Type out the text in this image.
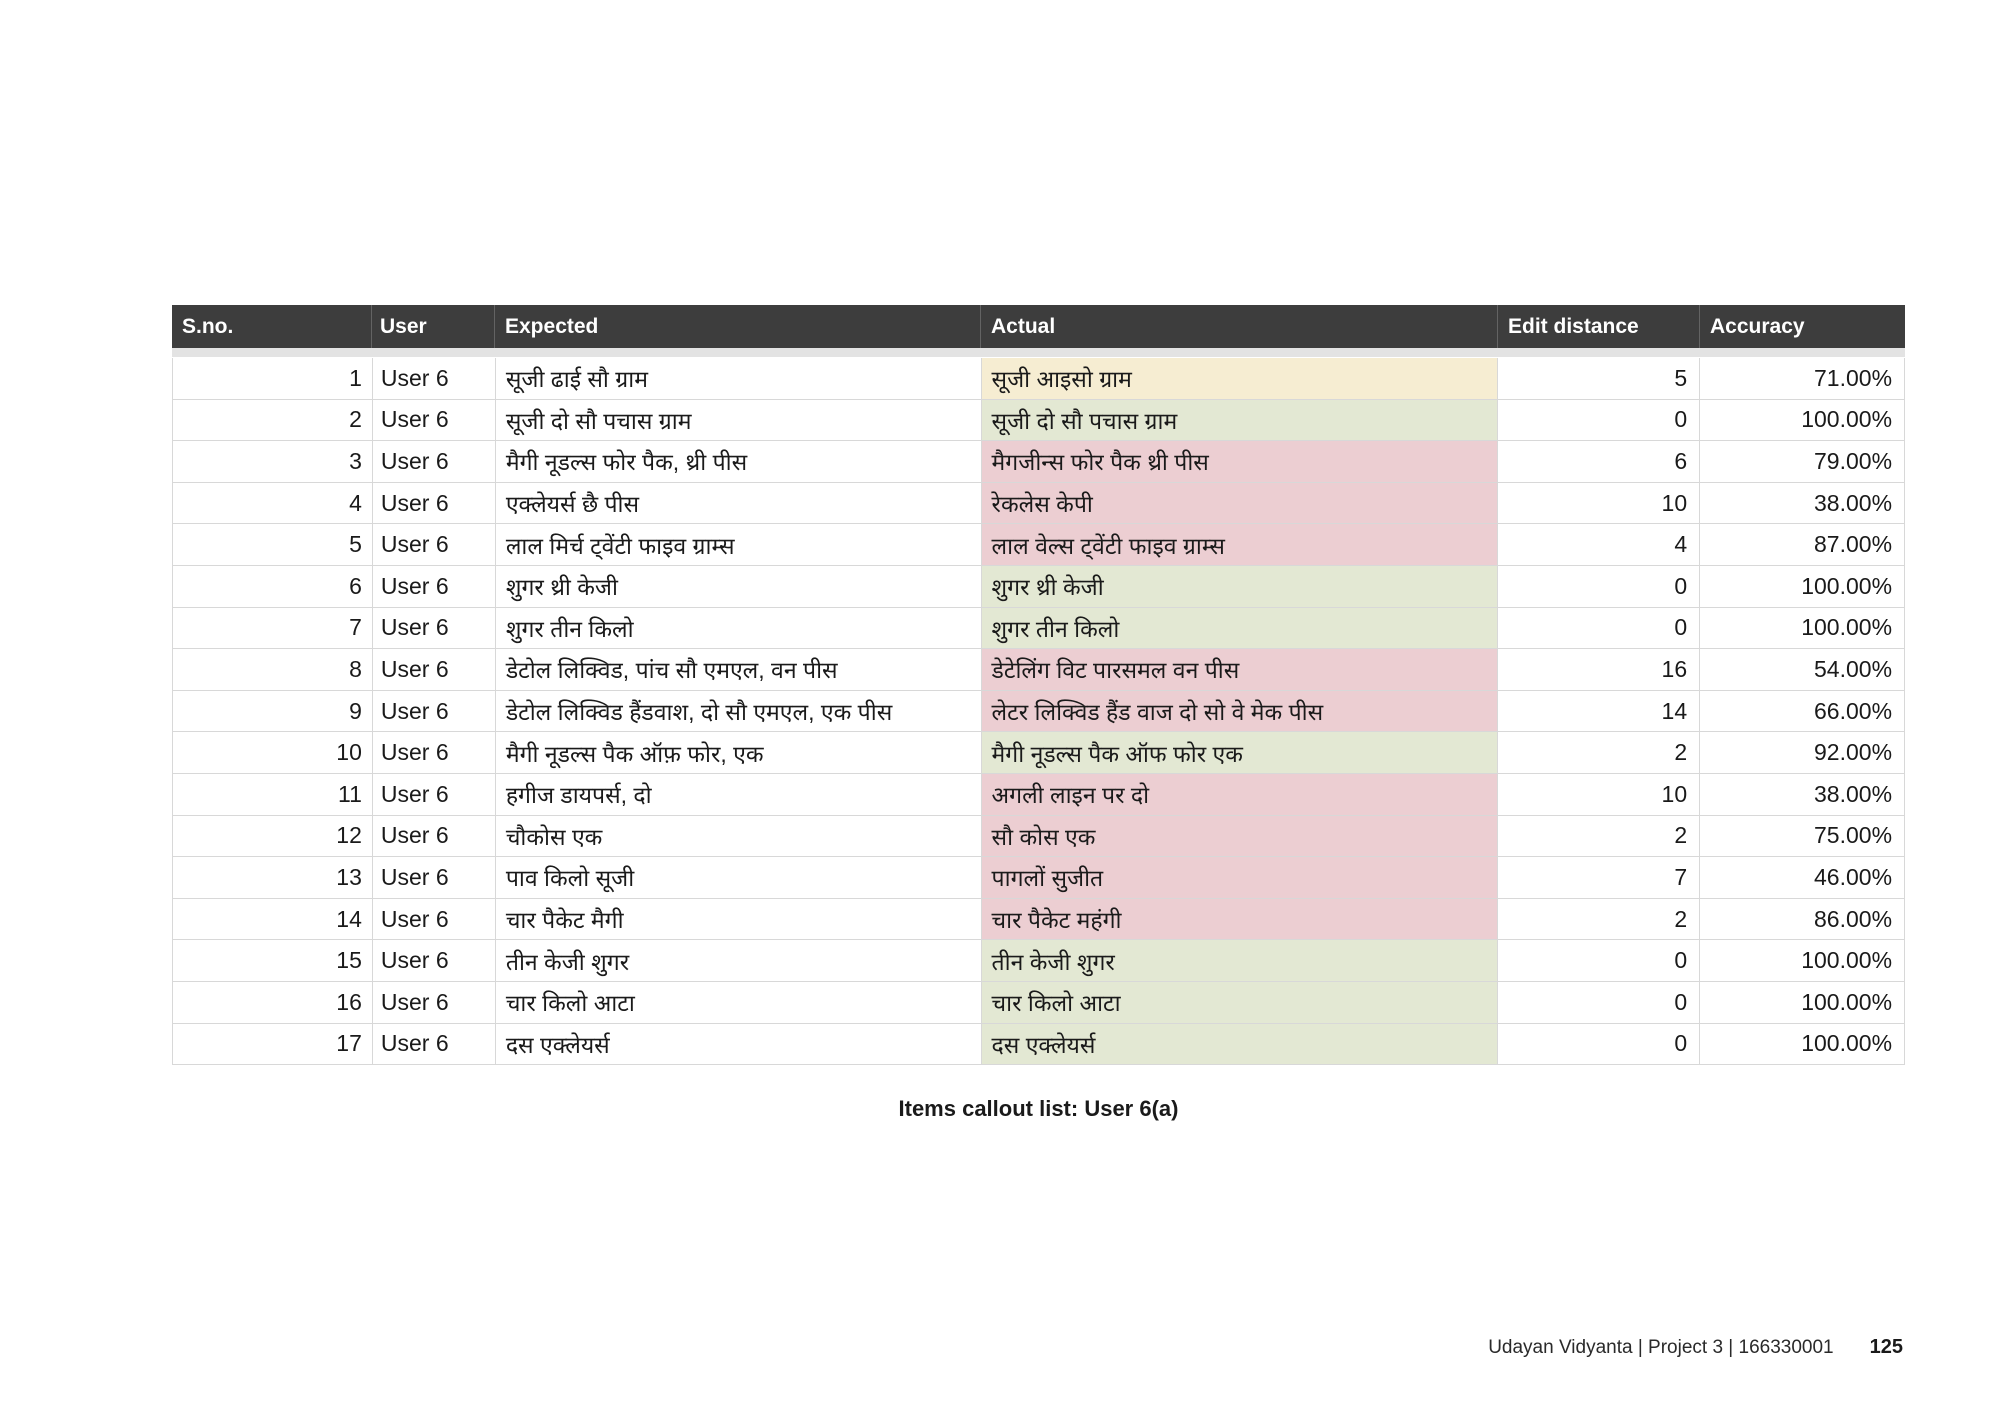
S.no.	User	Expected	Actual	Edit distance	Accuracy
1 User 6	सूजी ढाई सौ ग्राम	सूजी आइसो ग्राम	5	71.00%
2 User 6	सूजी दो सौ पचास ग्राम	सूजी दो सौ पचास ग्राम	0	100.00%
3 User 6	मैगी नूडल्स फोर पैक, थ्री पीस	मैगजीन्स फोर पैक थ्री पीस	6	79.00%
4 User 6	एक्लेयर्स छै पीस	रेकलेस केपी	10	38.00%
5 User 6	लाल मिर्च ट्वेंटी फाइव ग्राम्स	लाल वेल्स ट्वेंटी फाइव ग्राम्स	4	87.00%
6 User 6	शुगर थ्री केजी	शुगर थ्री केजी	0	100.00%
7 User 6	शुगर तीन किलो	शुगर तीन किलो	0	100.00%
8 User 6	डेटोल लिक्विड, पांच सौ एमएल, वन पीस	डेटेलिंग विट पारसमल वन पीस	16	54.00%
9 User 6	डेटोल लिक्विड हैंडवाश, दो सौ एमएल, एक पीस	लेटर लिक्विड हैंड वाज दो सो वे मेक पीस	14	66.00%
10 User 6	मैगी नूडल्स पैक ऑफ़ फोर, एक	मैगी नूडल्स पैक ऑफ फोर एक	2	92.00%
11 User 6	हगीज डायपर्स, दो	अगली लाइन पर दो	10	38.00%
12 User 6	चौकोस एक	सौ कोस एक	2	75.00%
13 User 6	पाव किलो सूजी	पागलों सुजीत	7	46.00%
14 User 6	चार पैकेट मैगी	चार पैकेट महंगी	2	86.00%
15 User 6	तीन केजी शुगर	तीन केजी शुगर	0	100.00%
16 User 6	चार किलो आटा	चार किलो आटा	0	100.00%
17 User 6	दस एक्लेयर्स	दस एक्लेयर्स	0	100.00%
Items callout list: User 6(a)
Udayan Vidyanta | Project 3 | 166330001 125
